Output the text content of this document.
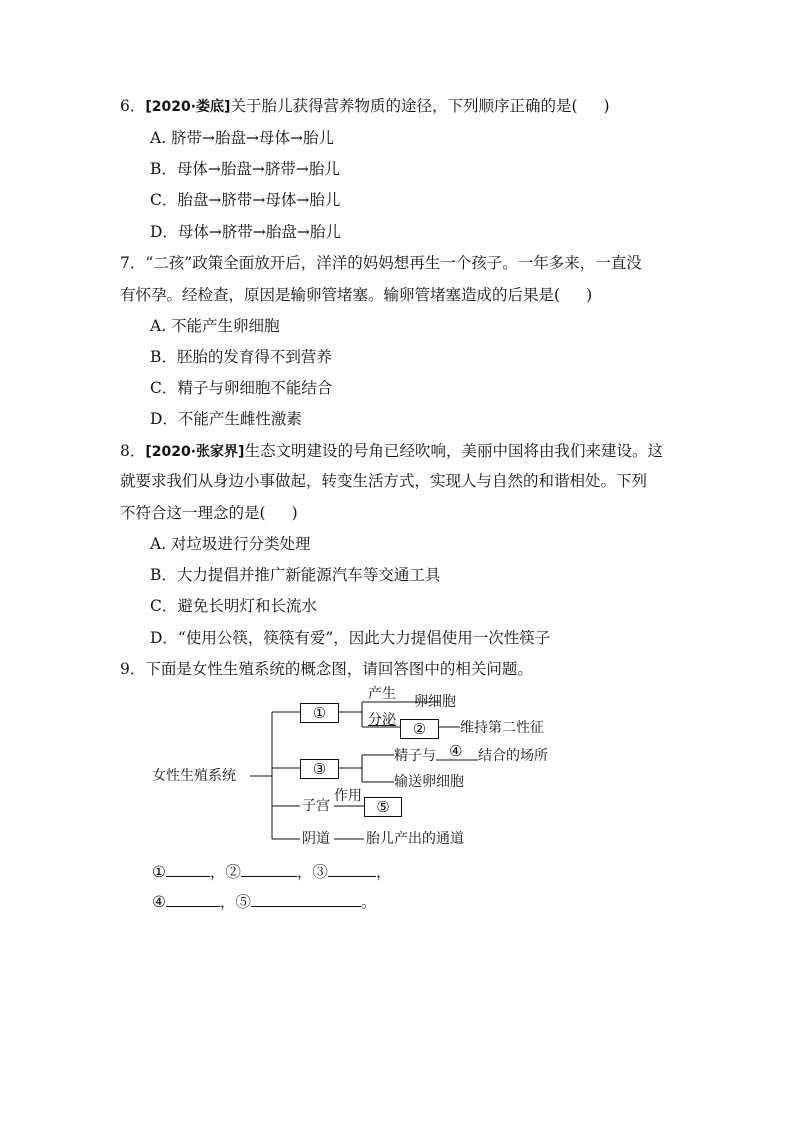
6．[2020·娄底]关于胎儿获得营养物质的途径，下列顺序正确的是( )
A. 脐带→胎盘→母体→胎儿
B．母体→胎盘→脐带→胎儿
C．胎盘→脐带→母体→胎儿
D．母体→脐带→胎盘→胎儿
7．“二孩”政策全面放开后，洋洋的妈妈想再生一个孩子。一年多来，一直没
有怀孕。经检查，原因是输卵管堵塞。输卵管堵塞造成的后果是( )
A. 不能产生卵细胞
B．胚胎的发育得不到营养
C．精子与卵细胞不能结合
D．不能产生雌性激素
8．[2020·张家界]生态文明建设的号角已经吹响，美丽中国将由我们来建设。这
就要求我们从身边小事做起，转变生活方式，实现人与自然的和谐相处。下列
不符合这一理念的是( )
A. 对垃圾进行分类处理
B．大力提倡并推广新能源汽车等交通工具
C．避免长明灯和长流水
D．“使用公筷，筷筷有爱”，因此大力提倡使用一次性筷子
9．下面是女性生殖系统的概念图，请回答图中的相关问题。
女性生殖系统
①
产生 卵细胞
分泌	②	维持第二性征
③
精子与 ④ 结合的场所
输送卵细胞
子宫
作用
⑤
阴道	胎儿产出的通道
①	，②	，③	，
④	，⑤	。
